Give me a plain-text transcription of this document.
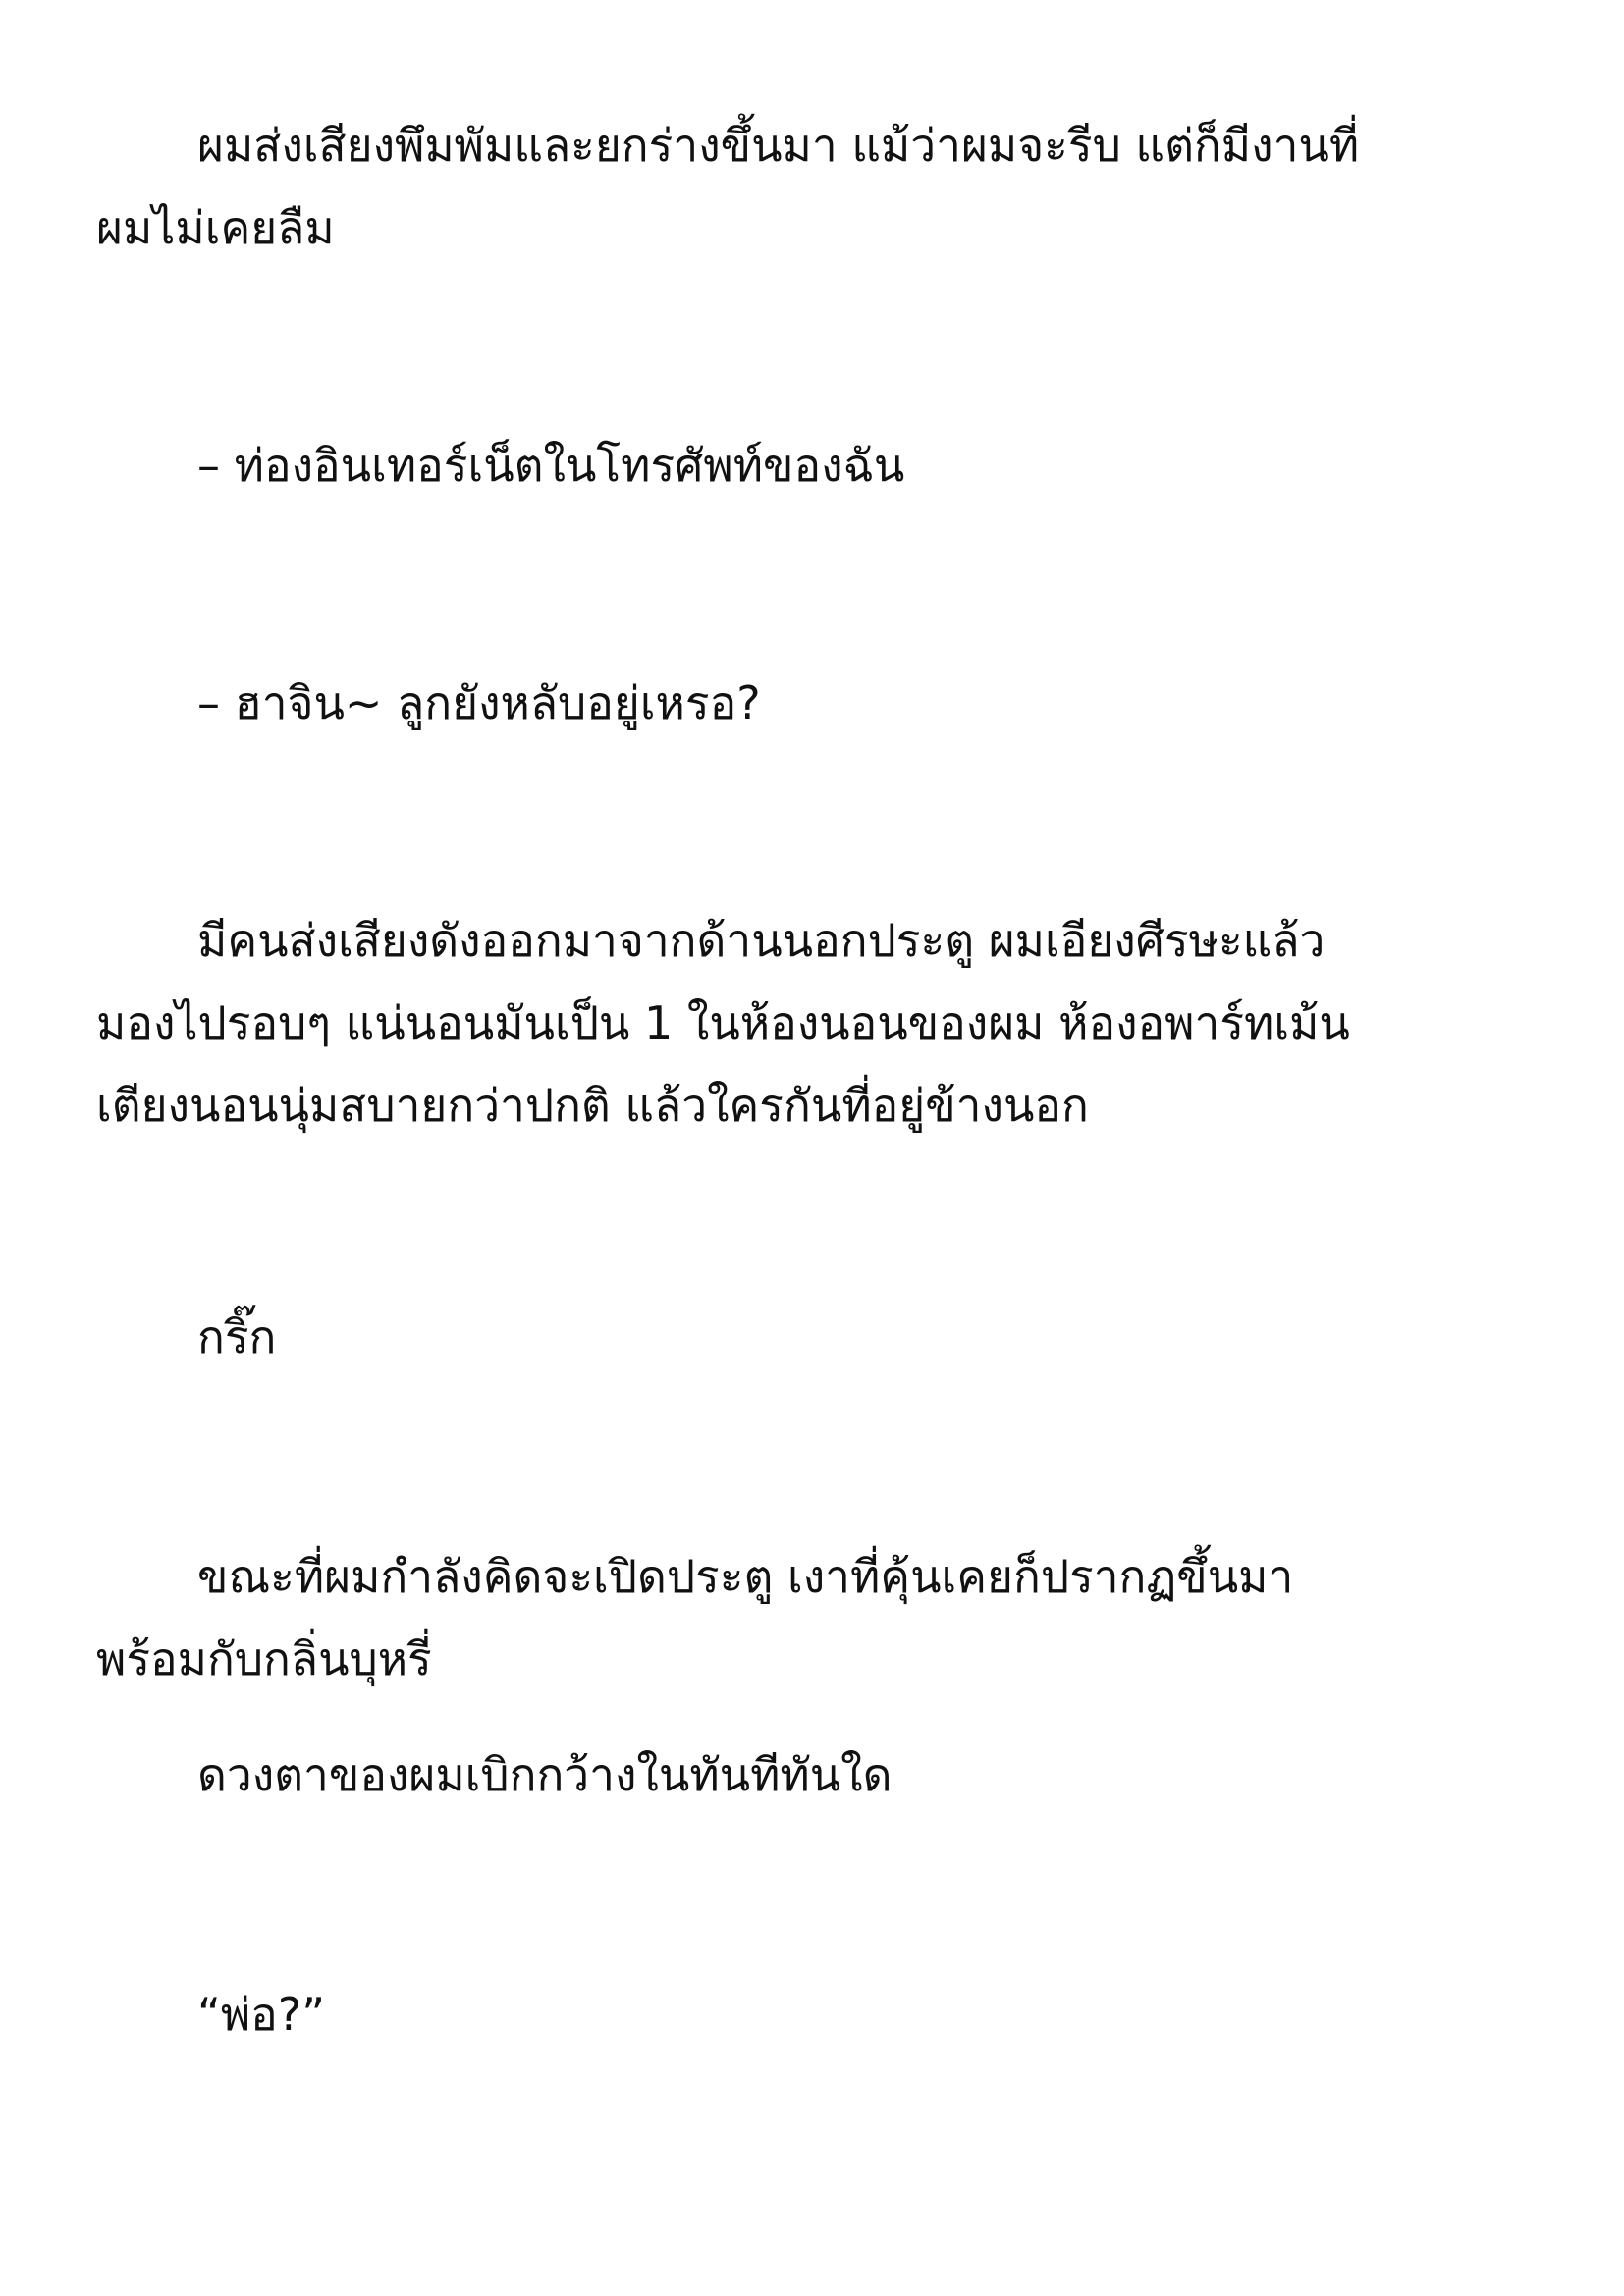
ผมส่งเสียงพึมพัมและยกร่างขึ้นมา แม้ว่าผมจะรีบ แต่ก็มีงานที่
ผมไม่เคยลืม

– ท่องอินเทอร์เน็ตในโทรศัพท์ของฉัน

– ฮาจิน~ ลูกยังหลับอยู่เหรอ?

มีคนส่งเสียงดังออกมาจากด้านนอกประตู ผมเอียงศีรษะแล้ว
มองไปรอบๆ แน่นอนมันเป็น 1 ในห้องนอนของผม ห้องอพาร์ทเม้น
เตียงนอนนุ่มสบายกว่าปกติ แล้วใครกันที่อยู่ข้างนอก

กริ๊ก

ขณะที่ผมกำลังคิดจะเปิดประตู เงาที่คุ้นเคยก็ปรากฏขึ้นมา
พร้อมกับกลิ่นบุหรี่

ดวงตาของผมเบิกกว้างในทันทีทันใด

“พ่อ?”
